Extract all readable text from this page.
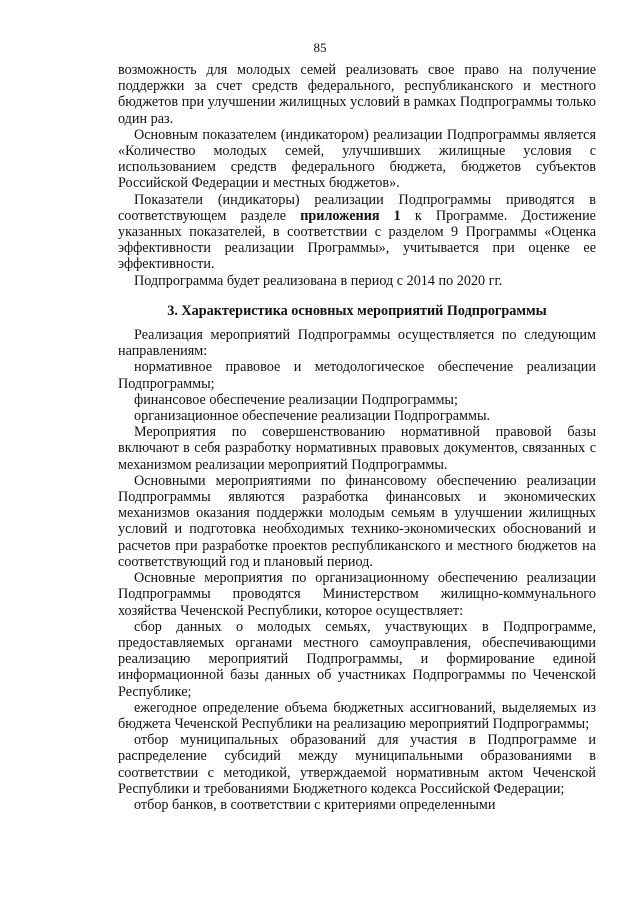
85

возможность для молодых семей реализовать свое право на получение поддержки за счет средств федерального, республиканского и местного бюджетов при улучшении жилищных условий в рамках Подпрограммы только один раз.

Основным показателем (индикатором) реализации Подпрограммы является «Количество молодых семей, улучшивших жилищные условия с использованием средств федерального бюджета, бюджетов субъектов Российской Федерации и местных бюджетов».

Показатели (индикаторы) реализации Подпрограммы приводятся в соответствующем разделе приложения 1 к Программе. Достижение указанных показателей, в соответствии с разделом 9 Программы «Оценка эффективности реализации Программы», учитывается при оценке ее эффективности.

Подпрограмма будет реализована в период с 2014 по 2020 гг.

3. Характеристика основных мероприятий Подпрограммы

Реализация мероприятий Подпрограммы осуществляется по следующим направлениям:

нормативное правовое и методологическое обеспечение реализации Подпрограммы;

финансовое обеспечение реализации Подпрограммы;

организационное обеспечение реализации Подпрограммы.

Мероприятия по совершенствованию нормативной правовой базы включают в себя разработку нормативных правовых документов, связанных с механизмом реализации мероприятий Подпрограммы.

Основными мероприятиями по финансовому обеспечению реализации Подпрограммы являются разработка финансовых и экономических механизмов оказания поддержки молодым семьям в улучшении жилищных условий и подготовка необходимых технико-экономических обоснований и расчетов при разработке проектов республиканского и местного бюджетов на соответствующий год и плановый период.

Основные мероприятия по организационному обеспечению реализации Подпрограммы проводятся Министерством жилищно-коммунального хозяйства Чеченской Республики, которое осуществляет:

сбор данных о молодых семьях, участвующих в Подпрограмме, предоставляемых органами местного самоуправления, обеспечивающими реализацию мероприятий Подпрограммы, и формирование единой информационной базы данных об участниках Подпрограммы по Чеченской Республике;

ежегодное определение объема бюджетных ассигнований, выделяемых из бюджета Чеченской Республики на реализацию мероприятий Подпрограммы;

отбор муниципальных образований для участия в Подпрограмме и распределение субсидий между муниципальными образованиями в соответствии с методикой, утверждаемой нормативным актом Чеченской Республики и требованиями Бюджетного кодекса Российской Федерации;

отбор банков, в соответствии с критериями определенными
